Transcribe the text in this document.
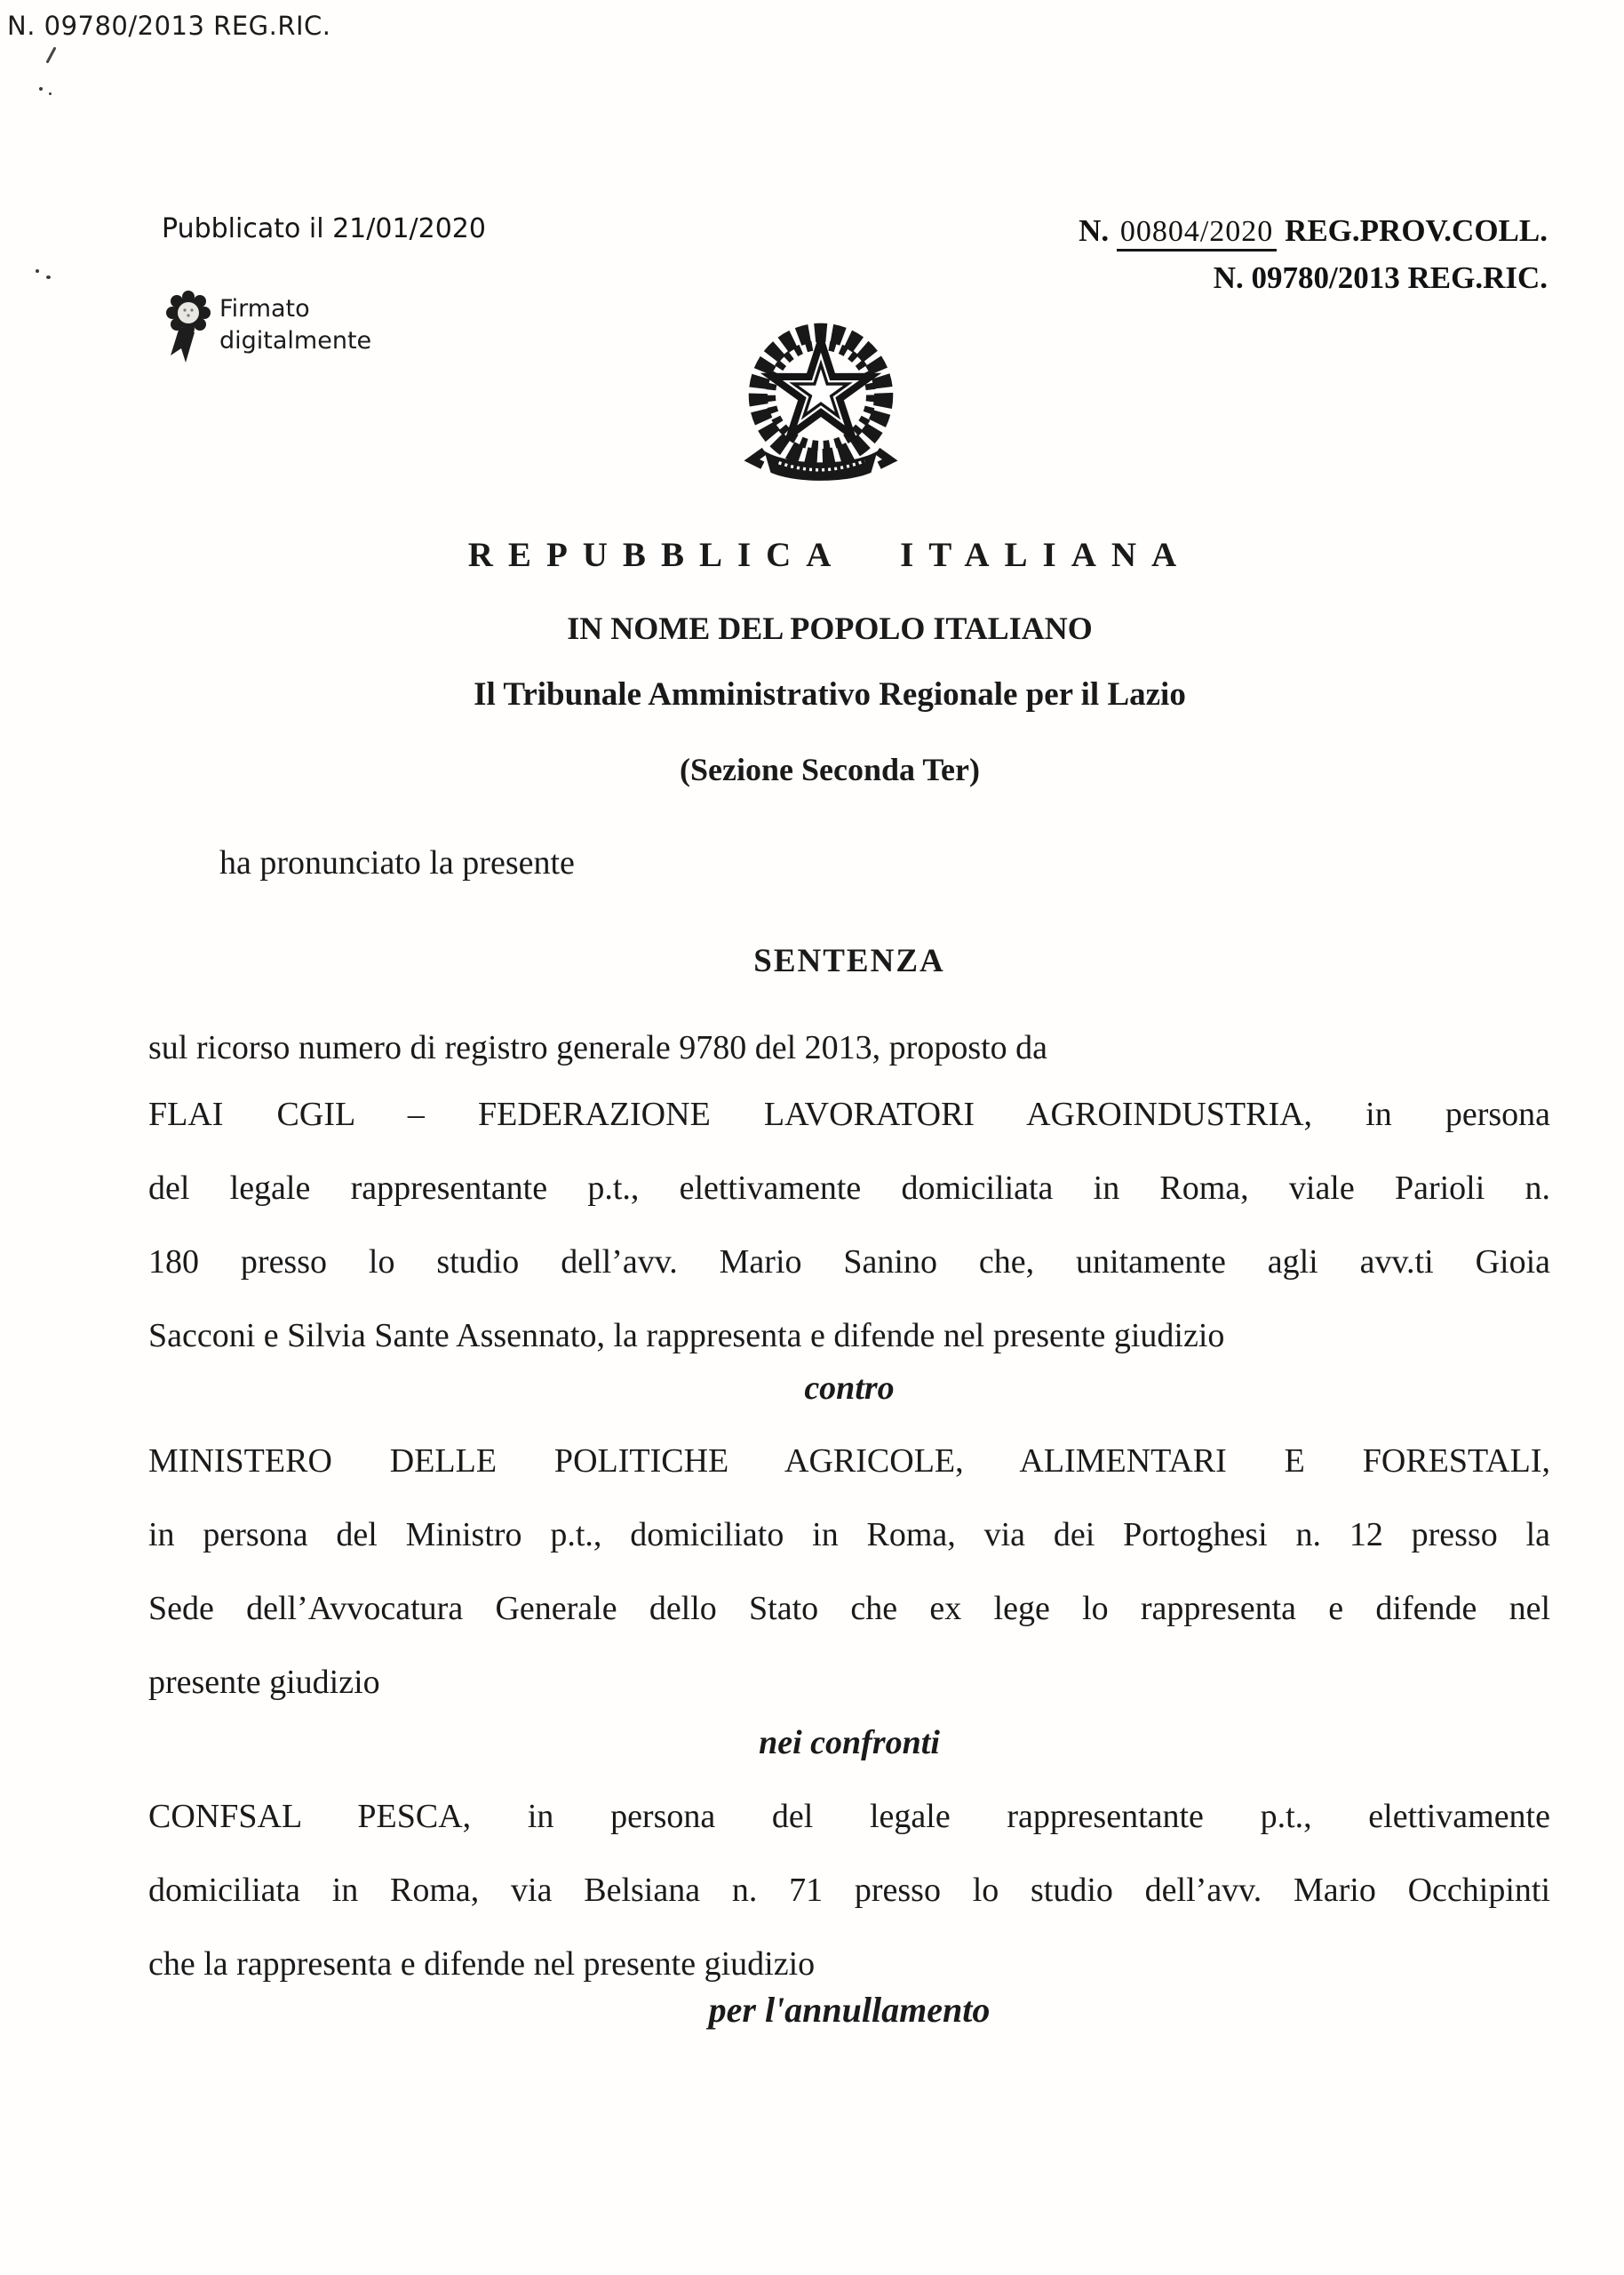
N. 09780/2013 REG.RIC.
Pubblicato il 21/01/2020	N. 00804/2020 REG.PROV.COLL.
N. 09780/2013 REG.RIC.
Firmato
digitalmente
REPUBBLICA ITALIANA
IN NOME DEL POPOLO ITALIANO
Il Tribunale Amministrativo Regionale per il Lazio
(Sezione Seconda Ter)
ha pronunciato la presente
SENTENZA
sul ricorso numero di registro generale 9780 del 2013, proposto da
FLAI CGIL – FEDERAZIONE LAVORATORI AGROINDUSTRIA, in persona
del legale rappresentante p.t., elettivamente domiciliata in Roma, viale Parioli n.
180 presso lo studio dell’avv. Mario Sanino che, unitamente agli avv.ti Gioia
Sacconi e Silvia Sante Assennato, la rappresenta e difende nel presente giudizio
contro
MINISTERO DELLE POLITICHE AGRICOLE, ALIMENTARI E FORESTALI,
in persona del Ministro p.t., domiciliato in Roma, via dei Portoghesi n. 12 presso la
Sede dell’Avvocatura Generale dello Stato che ex lege lo rappresenta e difende nel
presente giudizio
nei confronti
CONFSAL PESCA, in persona del legale rappresentante p.t., elettivamente
domiciliata in Roma, via Belsiana n. 71 presso lo studio dell’avv. Mario Occhipinti
che la rappresenta e difende nel presente giudizio
per l'annullamento
